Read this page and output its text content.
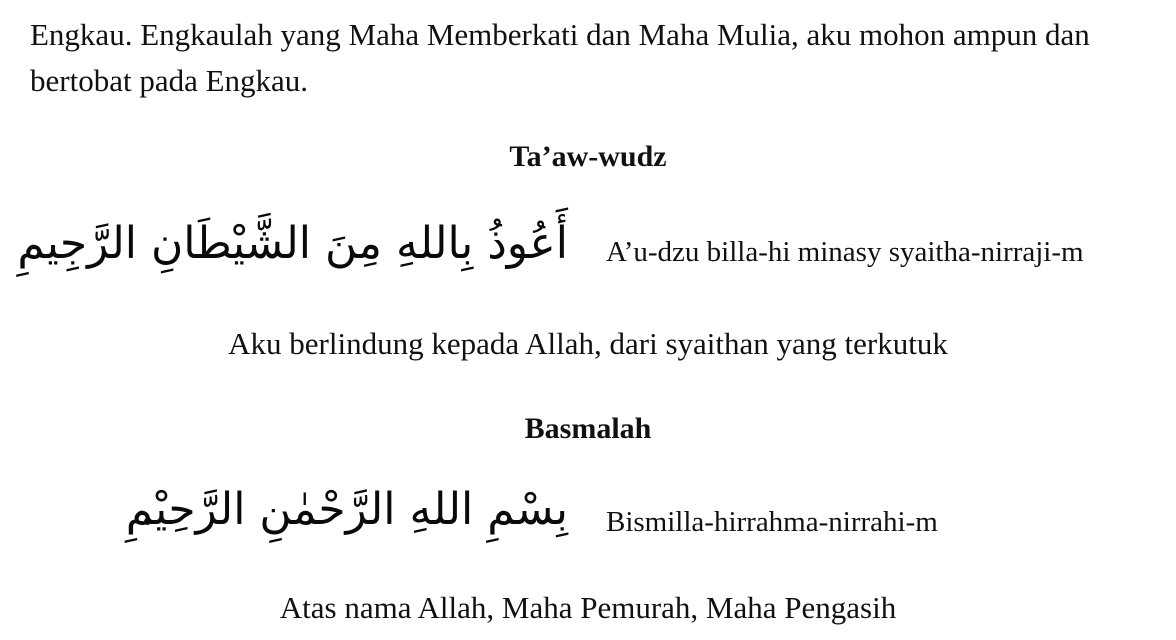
Engkau. Engkaulah yang Maha Memberkati dan Maha Mulia, aku mohon ampun dan bertobat pada Engkau.

Ta’aw-wudz
أَعُوذُ بِاللهِ مِنَ الشَّيْطَانِ الرَّجِيمِ A’u-dzu billa-hi minasy syaitha-nirraji-m

Aku berlindung kepada Allah, dari syaithan yang terkutuk

Basmalah
بِسْمِ اللهِ الرَّحْمٰنِ الرَّحِيْمِ Bismilla-hirrahma-nirrahi-m

Atas nama Allah, Maha Pemurah, Maha Pengasih
